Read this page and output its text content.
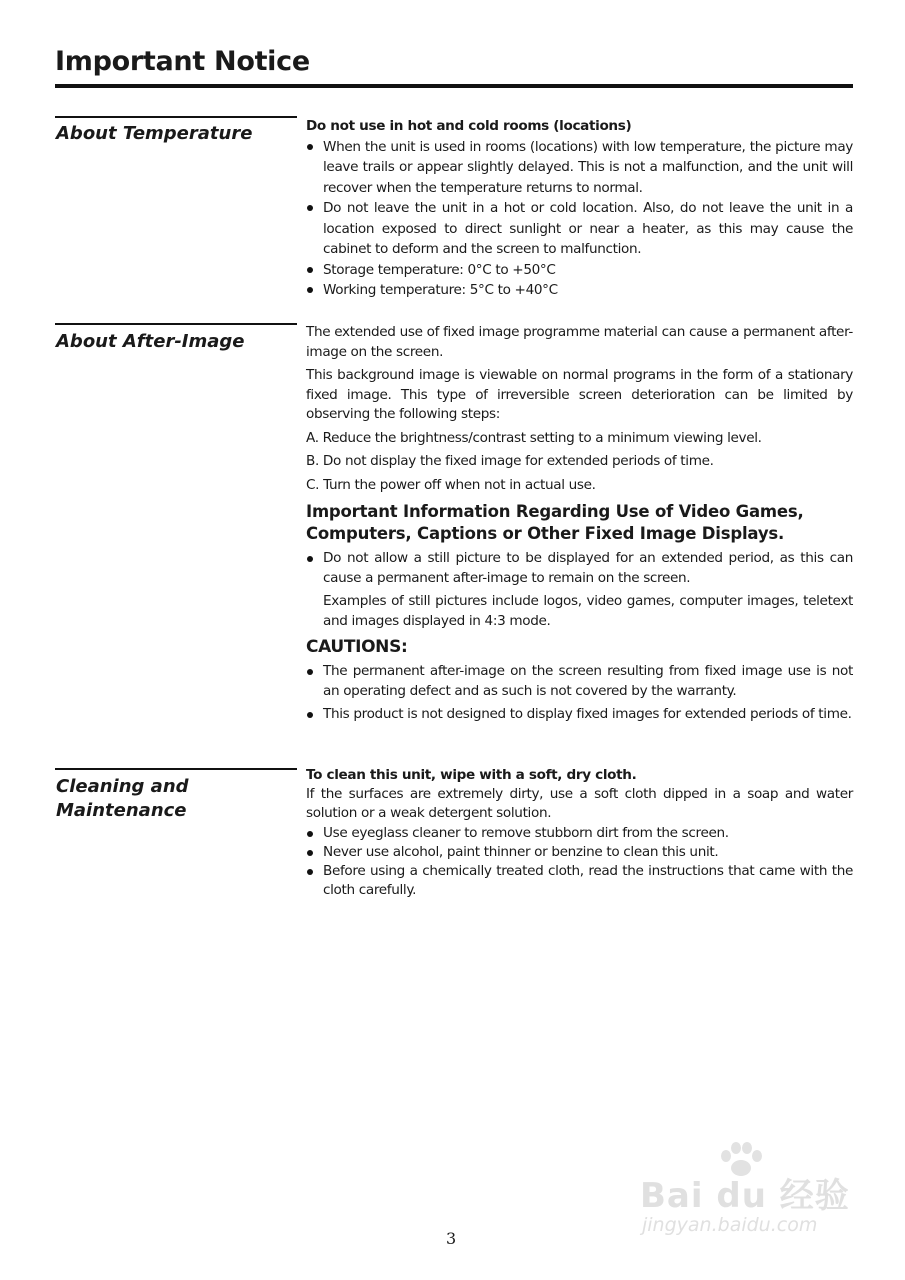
Important Notice
About Temperature	Do not use in hot and cold rooms (locations)

When the unit is used in rooms (locations) with low temperature, the picture may leave trails or appear slightly delayed. This is not a malfunction, and the unit will recover when the temperature returns to normal.
Do not leave the unit in a hot or cold location. Also, do not leave the unit in a location exposed to direct sunlight or near a heater, as this may cause the cabinet to deform and the screen to malfunction.
Storage temperature: 0°C to +50°C
Working temperature: 5°C to +40°C
About After-Image	The extended use of fixed image programme material can cause a permanent after-image on the screen.

This background image is viewable on normal programs in the form of a stationary fixed image. This type of irreversible screen deterioration can be limited by observing the following steps:

A. Reduce the brightness/contrast setting to a minimum viewing level.

B. Do not display the fixed image for extended periods of time.

C. Turn the power off when not in actual use.

Important Information Regarding Use of Video Games, Computers, Captions or Other Fixed Image Displays.

Do not allow a still picture to be displayed for an extended period, as this can cause a permanent after-image to remain on the screen.

Examples of still pictures include logos, video games, computer images, teletext and images displayed in 4:3 mode.

CAUTIONS:

The permanent after-image on the screen resulting from fixed image use is not an operating defect and as such is not covered by the warranty.
This product is not designed to display fixed images for extended periods of time.
Cleaning and Maintenance

To clean this unit, wipe with a soft, dry cloth.

If the surfaces are extremely dirty, use a soft cloth dipped in a soap and water solution or a weak detergent solution.

Use eyeglass cleaner to remove stubborn dirt from the screen.
Never use alcohol, paint thinner or benzine to clean this unit.
Before using a chemically treated cloth, read the instructions that came with the cloth carefully.
3
Bai du 经验
jingyan.baidu.com
